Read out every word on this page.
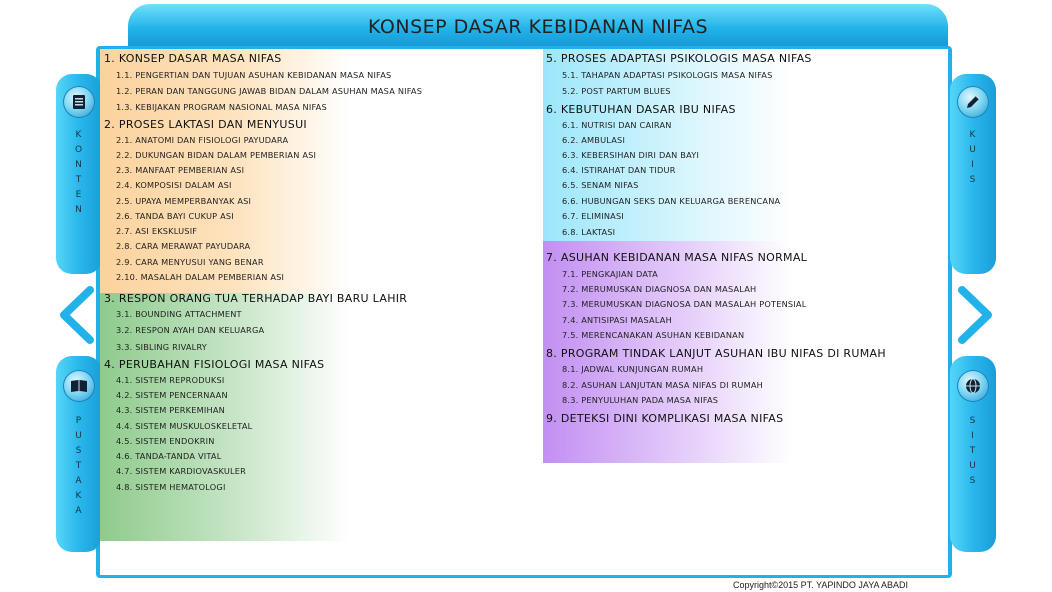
KONSEP DASAR KEBIDANAN NIFAS
K
O
N
T
E
N
P
U
S
T
A
K
A
K
U
I
S
S
I
T
U
S
1. KONSEP DASAR MASA NIFAS
1.1. PENGERTIAN DAN TUJUAN ASUHAN KEBIDANAN MASA NIFAS
1.2. PERAN DAN TANGGUNG JAWAB BIDAN DALAM ASUHAN MASA NIFAS
1.3. KEBIJAKAN PROGRAM NASIONAL MASA NIFAS
2. PROSES LAKTASI DAN MENYUSUI
2.1. ANATOMI DAN FISIOLOGI PAYUDARA
2.2. DUKUNGAN BIDAN DALAM PEMBERIAN ASI
2.3. MANFAAT PEMBERIAN ASI
2.4. KOMPOSISI DALAM ASI
2.5. UPAYA MEMPERBANYAK ASI
2.6. TANDA BAYI CUKUP ASI
2.7. ASI EKSKLUSIF
2.8. CARA MERAWAT PAYUDARA
2.9. CARA MENYUSUI YANG BENAR
2.10. MASALAH DALAM PEMBERIAN ASI
3. RESPON ORANG TUA TERHADAP BAYI BARU LAHIR
3.1. BOUNDING ATTACHMENT
3.2. RESPON AYAH DAN KELUARGA
3.3. SIBLING RIVALRY
4. PERUBAHAN FISIOLOGI MASA NIFAS
4.1. SISTEM REPRODUKSI
4.2. SISTEM PENCERNAAN
4.3. SISTEM PERKEMIHAN
4.4. SISTEM MUSKULOSKELETAL
4.5. SISTEM ENDOKRIN
4.6. TANDA-TANDA VITAL
4.7. SISTEM KARDIOVASKULER
4.8. SISTEM HEMATOLOGI
5. PROSES ADAPTASI PSIKOLOGIS MASA NIFAS
5.1. TAHAPAN ADAPTASI PSIKOLOGIS MASA NIFAS
5.2. POST PARTUM BLUES
6. KEBUTUHAN DASAR IBU NIFAS
6.1. NUTRISI DAN CAIRAN
6.2. AMBULASI
6.3. KEBERSIHAN DIRI DAN BAYI
6.4. ISTIRAHAT DAN TIDUR
6.5. SENAM NIFAS
6.6. HUBUNGAN SEKS DAN KELUARGA BERENCANA
6.7. ELIMINASI
6.8. LAKTASI
7. ASUHAN KEBIDANAN MASA NIFAS NORMAL
7.1. PENGKAJIAN DATA
7.2. MERUMUSKAN DIAGNOSA DAN MASALAH
7.3. MERUMUSKAN DIAGNOSA DAN MASALAH POTENSIAL
7.4. ANTISIPASI MASALAH
7.5. MERENCANAKAN ASUHAN KEBIDANAN
8. PROGRAM TINDAK LANJUT ASUHAN IBU NIFAS DI RUMAH
8.1. JADWAL KUNJUNGAN RUMAH
8.2. ASUHAN LANJUTAN MASA NIFAS DI RUMAH
8.3. PENYULUHAN PADA MASA NIFAS
9. DETEKSI DINI KOMPLIKASI MASA NIFAS
Copyright©2015 PT. YAPINDO JAYA ABADI
